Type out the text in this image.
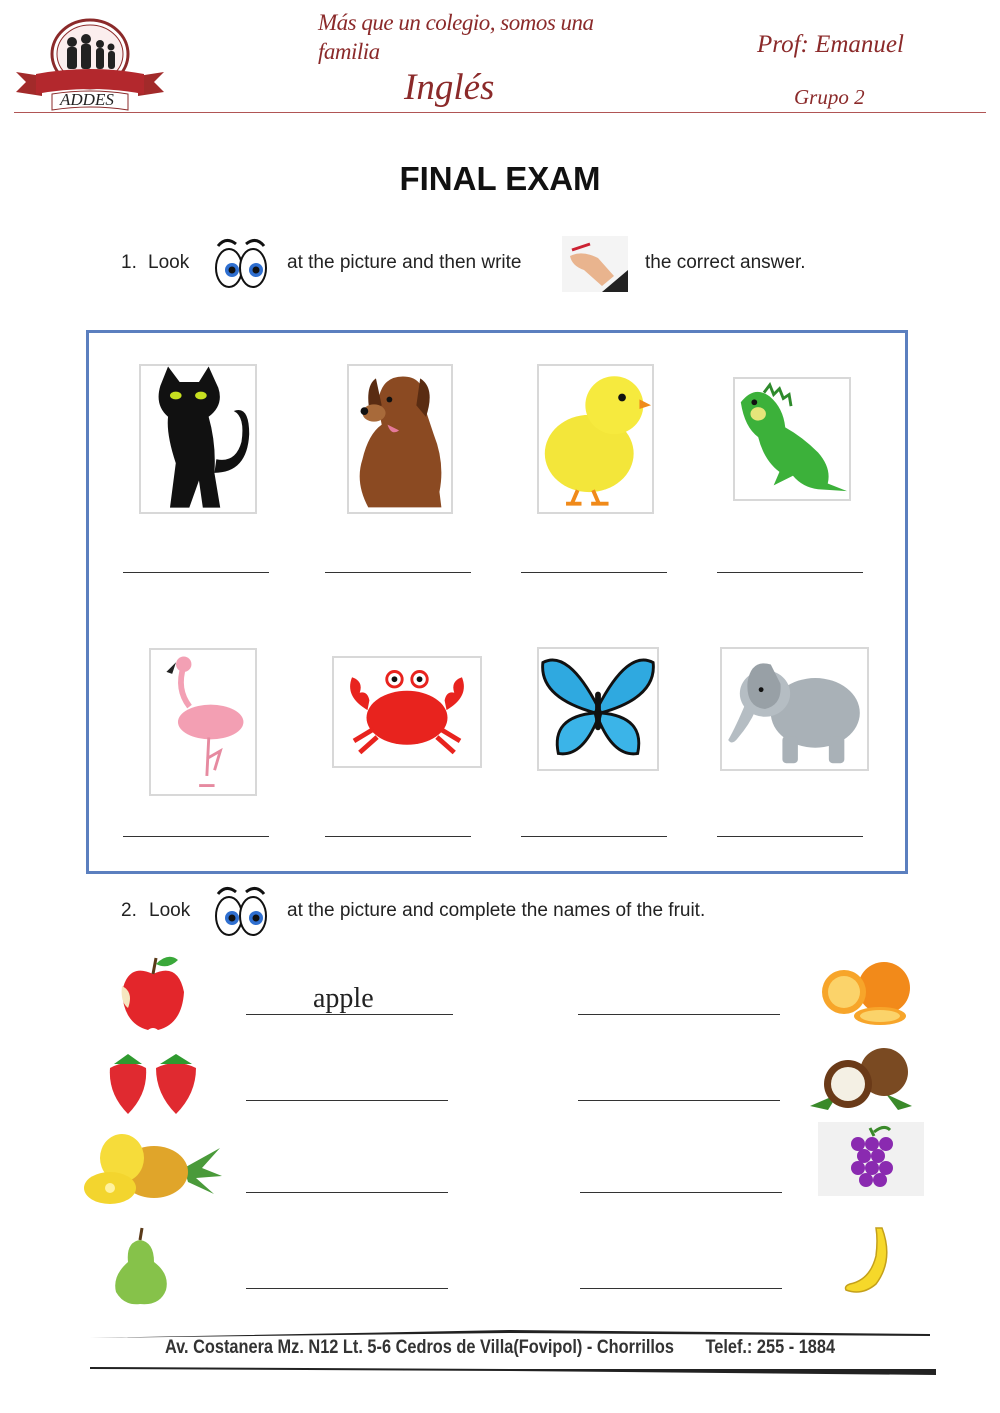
ADDES
Más que un colegio, somos una familia
Inglés
Prof: Emanuel
Grupo 2
FINAL EXAM
1. Look	at the picture and then write	the correct answer.
2. Look	at the picture and complete the names of the fruit.
apple
Av. Costanera Mz. N12 Lt. 5-6 Cedros de Villa(Fovipol) - Chorrillos Telef.: 255 - 1884
